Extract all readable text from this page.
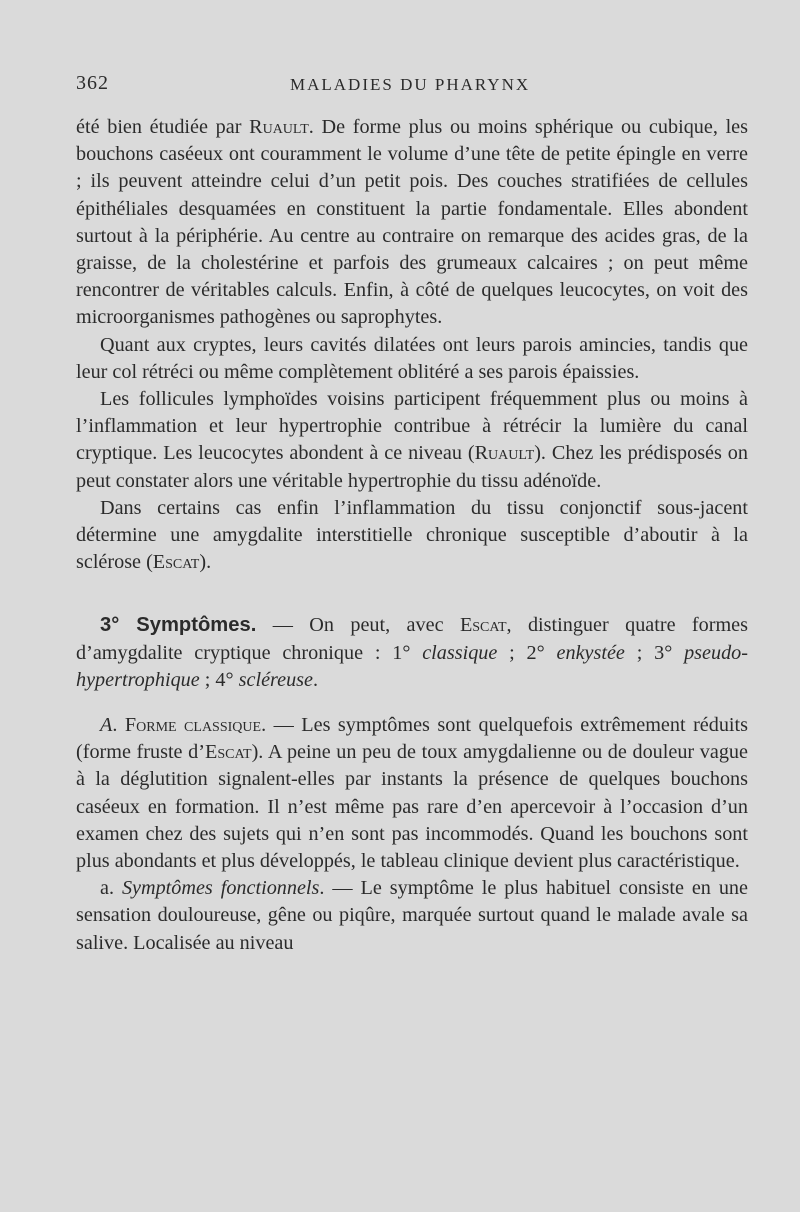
362	MALADIES DU PHARYNX

été bien étudiée par Ruault. De forme plus ou moins sphérique ou cubique, les bouchons caséeux ont couramment le volume d’une tête de petite épingle en verre ; ils peuvent atteindre celui d’un petit pois. Des couches stratifiées de cellules épithéliales desquamées en constituent la partie fondamentale. Elles abondent surtout à la périphérie. Au centre au contraire on remarque des acides gras, de la graisse, de la cholestérine et parfois des grumeaux calcaires ; on peut même rencontrer de véritables calculs. Enfin, à côté de quelques leucocytes, on voit des microorganismes pathogènes ou saprophytes.

Quant aux cryptes, leurs cavités dilatées ont leurs parois amincies, tandis que leur col rétréci ou même complètement oblitéré a ses parois épaissies.

Les follicules lymphoïdes voisins participent fréquemment plus ou moins à l’inflammation et leur hypertrophie contribue à rétrécir la lumière du canal cryptique. Les leucocytes abondent à ce niveau (Ruault). Chez les prédisposés on peut constater alors une véritable hypertrophie du tissu adénoïde.

Dans certains cas enfin l’inflammation du tissu conjonctif sous-jacent détermine une amygdalite interstitielle chronique susceptible d’aboutir à la sclérose (Escat).

3° Symptômes. — On peut, avec Escat, distinguer quatre formes d’amygdalite cryptique chronique : 1° classique ; 2° enkystée ; 3° pseudo-hypertrophique ; 4° scléreuse.

A. Forme classique. — Les symptômes sont quelquefois extrêmement réduits (forme fruste d’Escat). A peine un peu de toux amygdalienne ou de douleur vague à la déglutition signalent-elles par instants la présence de quelques bouchons caséeux en formation. Il n’est même pas rare d’en apercevoir à l’occasion d’un examen chez des sujets qui n’en sont pas incommodés. Quand les bouchons sont plus abondants et plus développés, le tableau clinique devient plus caractéristique.

a. Symptômes fonctionnels. — Le symptôme le plus habituel consiste en une sensation douloureuse, gêne ou piqûre, marquée surtout quand le malade avale sa salive. Localisée au niveau
